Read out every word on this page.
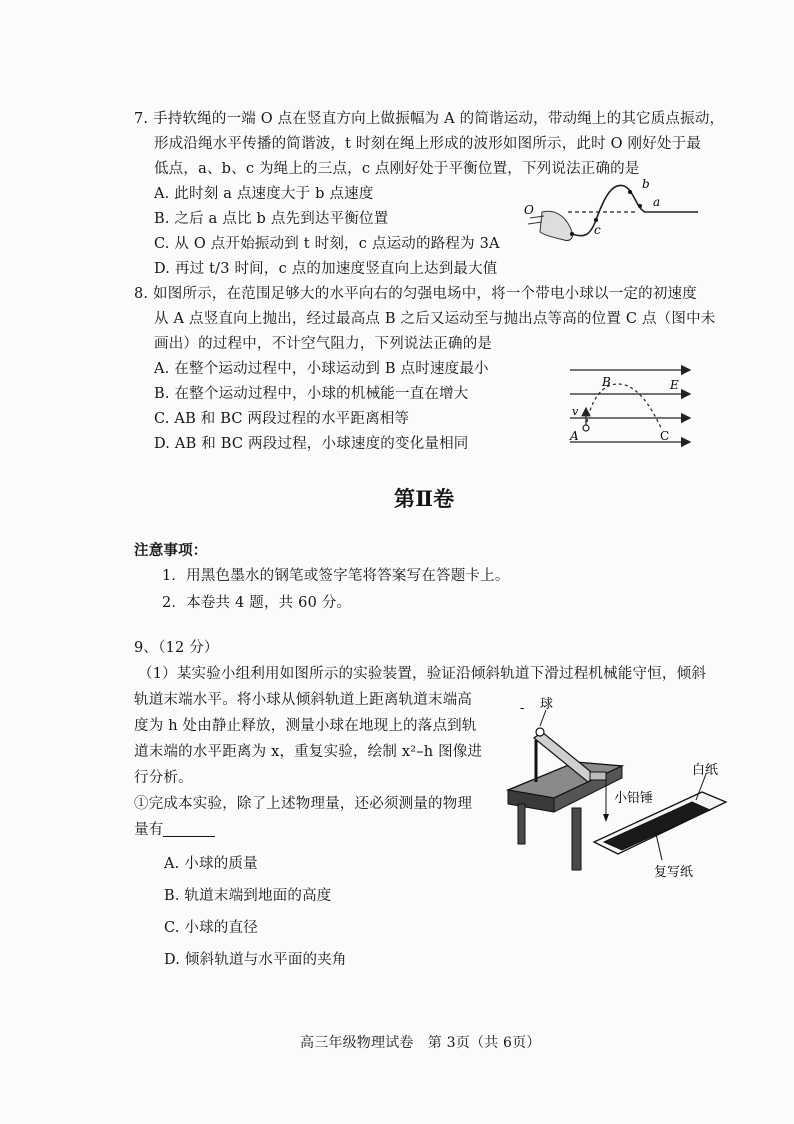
7. 手持软绳的一端 O 点在竖直方向上做振幅为 A 的简谐运动，带动绳上的其它质点振动，
形成沿绳水平传播的简谐波，t 时刻在绳上形成的波形如图所示，此时 O 刚好处于最
低点，a、b、c 为绳上的三点，c 点刚好处于平衡位置，下列说法正确的是
A. 此时刻 a 点速度大于 b 点速度
B. 之后 a 点比 b 点先到达平衡位置
C. 从 O 点开始振动到 t 时刻，c 点运动的路程为 3A
D. 再过 t/3 时间，c 点的加速度竖直向上达到最大值
O
b
a
c
8. 如图所示，在范围足够大的水平向右的匀强电场中，将一个带电小球以一定的初速度
从 A 点竖直向上抛出，经过最高点 B 之后又运动至与抛出点等高的位置 C 点（图中未
画出）的过程中，不计空气阻力，下列说法正确的是
A. 在整个运动过程中，小球运动到 B 点时速度最小
B. 在整个运动过程中，小球的机械能一直在增大
C. AB 和 BC 两段过程的水平距离相等
D. AB 和 BC 两段过程，小球速度的变化量相同
B	E
v
A	C
第Ⅱ卷
注意事项：
1．用黑色墨水的钢笔或签字笔将答案写在答题卡上。
2．本卷共 4 题，共 60 分。
9、（12 分）
（1）某实验小组利用如图所示的实验装置，验证沿倾斜轨道下滑过程机械能守恒，倾斜
轨道末端水平。将小球从倾斜轨道上距离轨道末端高
度为 h 处由静止释放，测量小球在地现上的落点到轨
道末端的水平距离为 x，重复实验，绘制 x²–h 图像进
行分析。
①完成本实验，除了上述物理量，还必须测量的物理
量有
A. 小球的质量
B. 轨道末端到地面的高度
C. 小球的直径
D. 倾斜轨道与水平面的夹角
- 球
小铅锤
白纸
复写纸
高三年级物理试卷　第 3页（共 6页）
